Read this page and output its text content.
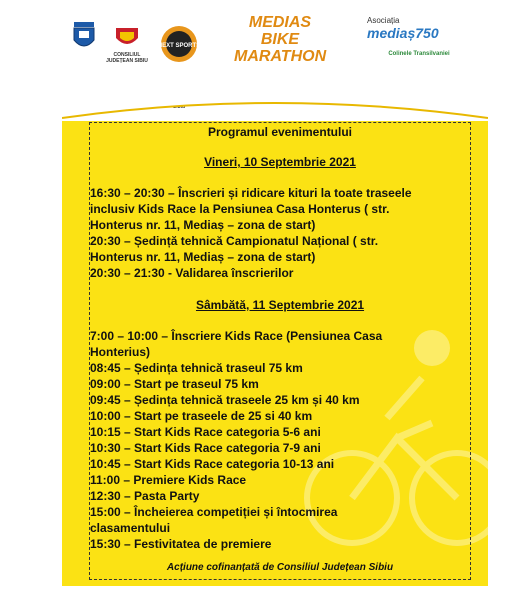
CONSILIUL JUDEȚEAN SIBIU
NEXT SPORTS
MEDIAS
BIKE
MARATHON
Sibiu
Asociația
mediaș750
Colinele Transilvaniei
Programul evenimentului
Vineri, 10 Septembrie 2021
16:30 – 20:30 – Înscrieri și ridicare kituri la toate traseele
inclusiv Kids Race la Pensiunea Casa Honterus ( str.
Honterus nr. 11, Mediaș – zona de start)
20:30 – Ședință tehnică Campionatul Național ( str.
Honterus nr. 11, Mediaș – zona de start)
20:30 – 21:30 - Validarea înscrierilor
Sâmbătă, 11 Septembrie 2021
7:00 – 10:00 – Înscriere Kids Race (Pensiunea Casa
Honterius)
08:45 – Ședința tehnică traseul 75 km
09:00 – Start pe traseul 75 km
09:45 – Ședința tehnică traseele 25 km și 40 km
10:00 – Start pe traseele de 25 si 40 km
10:15 – Start Kids Race categoria 5-6 ani
10:30 – Start Kids Race categoria 7-9 ani
10:45 – Start Kids Race categoria 10-13 ani
11:00 – Premiere Kids Race
12:30 – Pasta Party
15:00 – Încheierea competiției și întocmirea
clasamentului
15:30 – Festivitatea de premiere
Acțiune cofinanțată de Consiliul Județean Sibiu
